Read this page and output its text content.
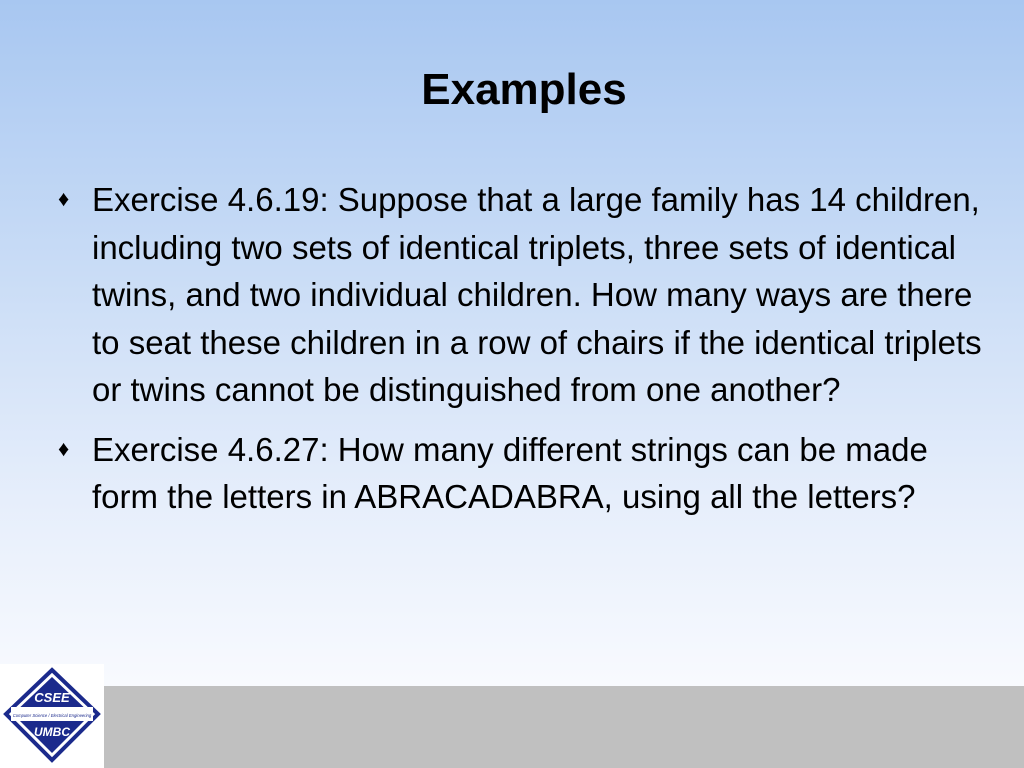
Examples
♦ Exercise 4.6.19: Suppose that a large family has 14 children, including two sets of identical triplets, three sets of identical twins, and two individual children. How many ways are there to seat these children in a row of chairs if the identical triplets or twins cannot be distinguished from one another?
♦ Exercise 4.6.27: How many different strings can be made form the letters in ABRACADABRA, using all the letters?
CSEE
Computer Science / Electrical Engineering
UMBC
